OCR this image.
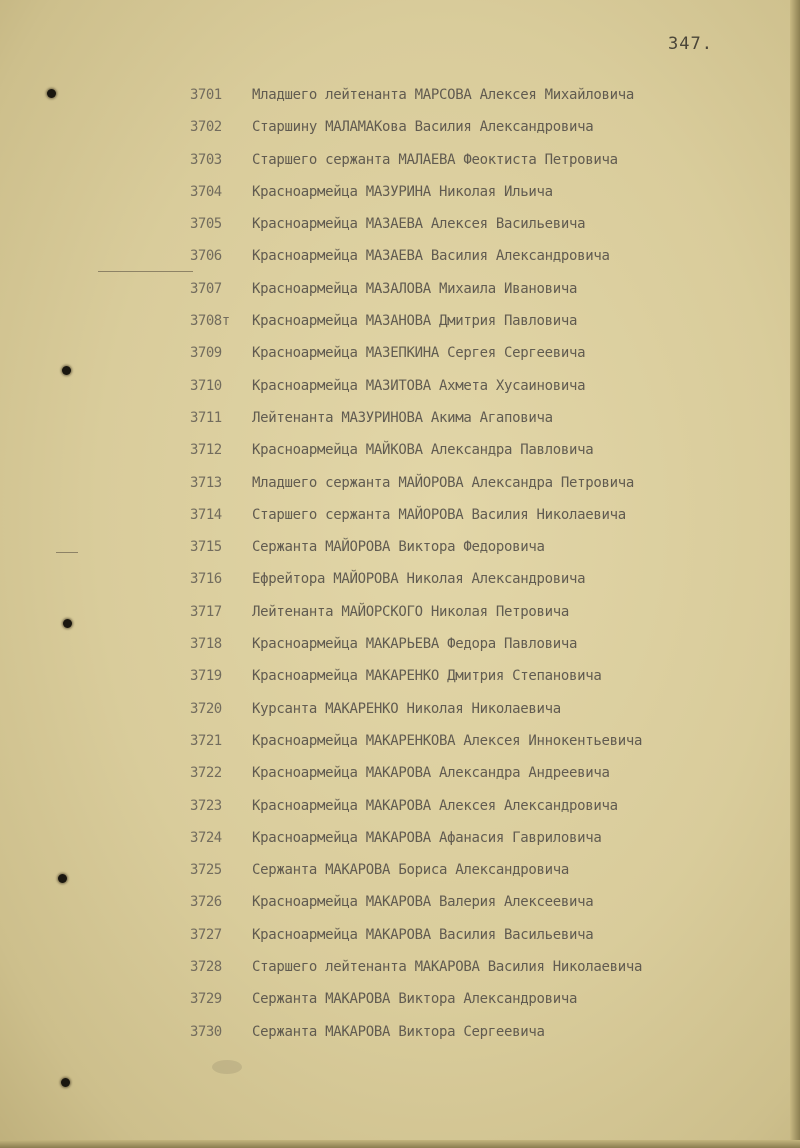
347.
3701 Младшего лейтенанта МАРСОВА Алексея Михайловича
3702 Старшину МАЛАМАКова Василия Александровича
3703 Старшего сержанта МАЛАЕВА Феоктиста Петровича
3704 Красноармейца МАЗУРИНА Николая Ильича
3705 Красноармейца МАЗАЕВА Алексея Васильевича
3706 Красноармейца МАЗАЕВА Василия Александровича
3707 Красноармейца МАЗАЛОВА Михаила Ивановича
3708т Красноармейца МАЗАНОВА Дмитрия Павловича
3709 Красноармейца МАЗЕПКИНА Сергея Сергеевича
3710 Красноармейца МАЗИТОВА Ахмета Хусаиновича
3711 Лейтенанта МАЗУРИНОВА Акима Агаповича
3712 Красноармейца МАЙКОВА Александра Павловича
3713 Младшего сержанта МАЙОРОВА Александра Петровича
3714 Старшего сержанта МАЙОРОВА Василия Николаевича
3715 Сержанта МАЙОРОВА Виктора Федоровича
3716 Ефрейтора МАЙОРОВА Николая Александровича
3717 Лейтенанта МАЙОРСКОГО Николая Петровича
3718 Красноармейца МАКАРЬЕВА Федора Павловича
3719 Красноармейца МАКАРЕНКО Дмитрия Степановича
3720 Курсанта МАКАРЕНКО Николая Николаевича
3721 Красноармейца МАКАРЕНКОВА Алексея Иннокентьевича
3722 Красноармейца МАКАРОВА Александра Андреевича
3723 Красноармейца МАКАРОВА Алексея Александровича
3724 Красноармейца МАКАРОВА Афанасия Гавриловича
3725 Сержанта МАКАРОВА Бориса Александровича
3726 Красноармейца МАКАРОВА Валерия Алексеевича
3727 Красноармейца МАКАРОВА Василия Васильевича
3728 Старшего лейтенанта МАКАРОВА Василия Николаевича
3729 Сержанта МАКАРОВА Виктора Александровича
3730 Сержанта МАКАРОВА Виктора Сергеевича
